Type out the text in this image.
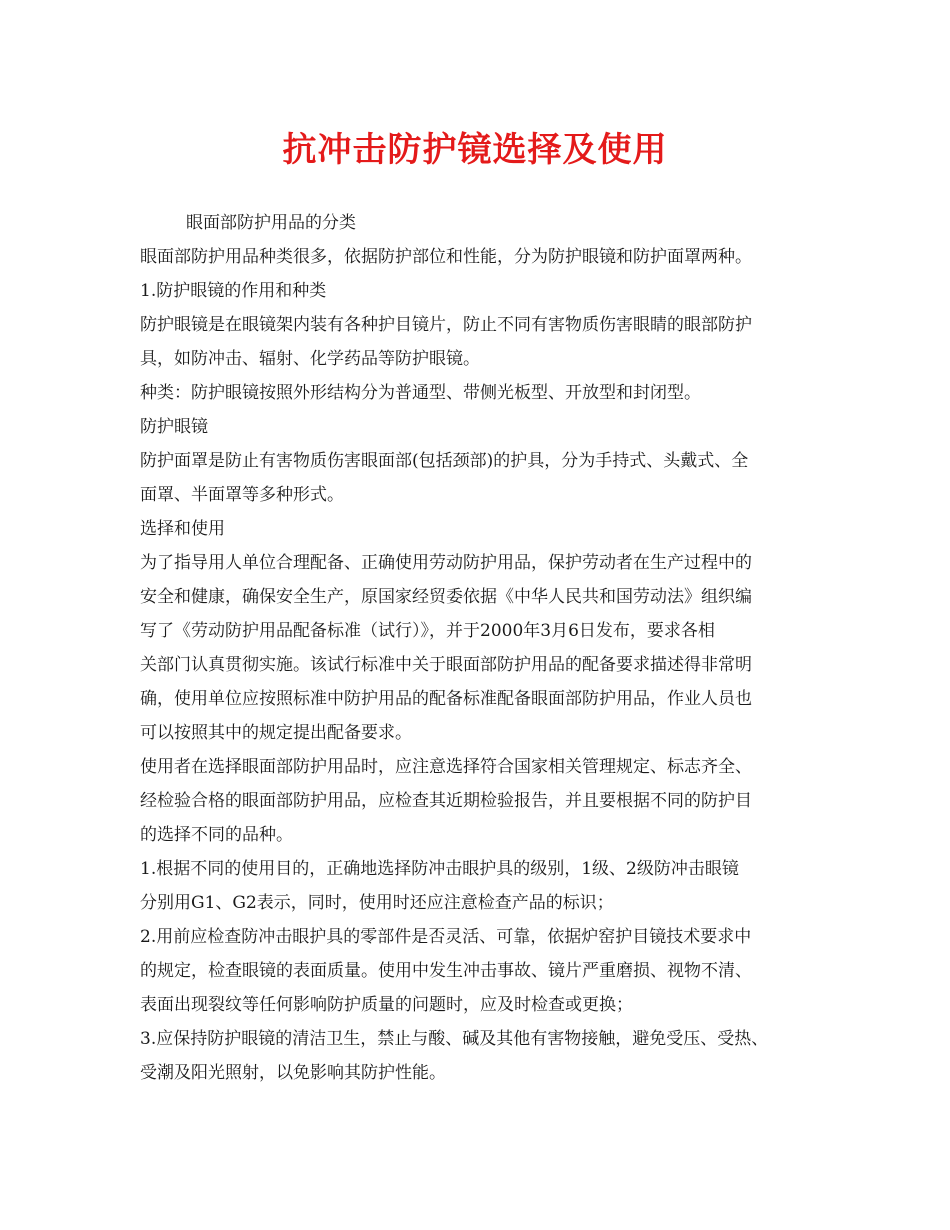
抗冲击防护镜选择及使用
眼面部防护用品的分类
眼面部防护用品种类很多，依据防护部位和性能，分为防护眼镜和防护面罩两种。
1.防护眼镜的作用和种类
防护眼镜是在眼镜架内装有各种护目镜片，防止不同有害物质伤害眼睛的眼部防护
具，如防冲击、辐射、化学药品等防护眼镜。
种类：防护眼镜按照外形结构分为普通型、带侧光板型、开放型和封闭型。
防护眼镜
防护面罩是防止有害物质伤害眼面部(包括颈部)的护具，分为手持式、头戴式、全
面罩、半面罩等多种形式。
选择和使用
为了指导用人单位合理配备、正确使用劳动防护用品，保护劳动者在生产过程中的
安全和健康，确保安全生产，原国家经贸委依据《中华人民共和国劳动法》组织编
写了《劳动防护用品配备标准（试行）》，并于2000年3月6日发布，要求各相
关部门认真贯彻实施。该试行标准中关于眼面部防护用品的配备要求描述得非常明
确，使用单位应按照标准中防护用品的配备标准配备眼面部防护用品，作业人员也
可以按照其中的规定提出配备要求。
使用者在选择眼面部防护用品时，应注意选择符合国家相关管理规定、标志齐全、
经检验合格的眼面部防护用品，应检查其近期检验报告，并且要根据不同的防护目
的选择不同的品种。
1.根据不同的使用目的，正确地选择防冲击眼护具的级别，1级、2级防冲击眼镜
分别用G1、G2表示，同时，使用时还应注意检查产品的标识；
2.用前应检查防冲击眼护具的零部件是否灵活、可靠，依据炉窑护目镜技术要求中
的规定，检查眼镜的表面质量。使用中发生冲击事故、镜片严重磨损、视物不清、
表面出现裂纹等任何影响防护质量的问题时，应及时检查或更换；
3.应保持防护眼镜的清洁卫生，禁止与酸、碱及其他有害物接触，避免受压、受热、
受潮及阳光照射，以免影响其防护性能。
